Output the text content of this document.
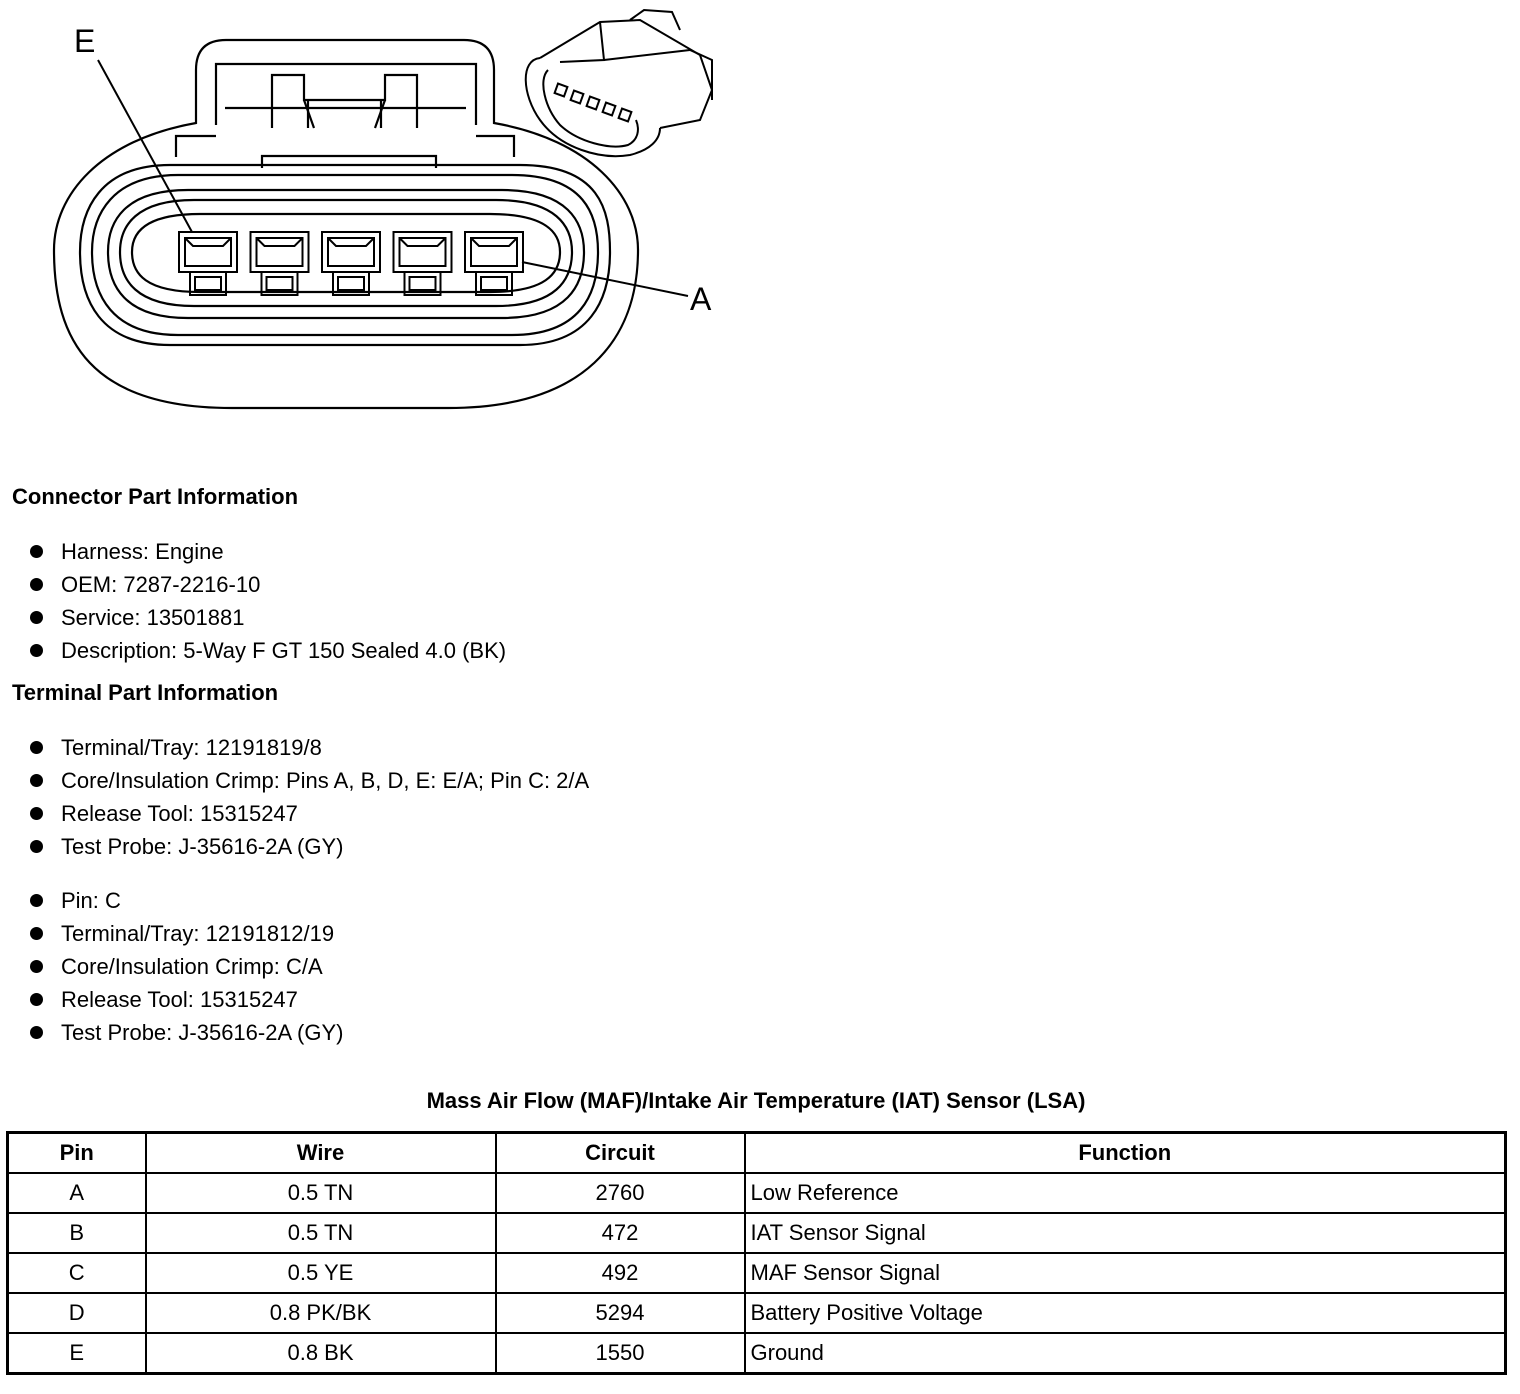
E
A
Connector Part Information
Harness: Engine
OEM: 7287-2216-10
Service: 13501881
Description: 5-Way F GT 150 Sealed 4.0 (BK)
Terminal Part Information
Terminal/Tray: 12191819/8
Core/Insulation Crimp: Pins A, B, D, E: E/A; Pin C: 2/A
Release Tool: 15315247
Test Probe: J-35616-2A (GY)
Pin: C
Terminal/Tray: 12191812/19
Core/Insulation Crimp: C/A
Release Tool: 15315247
Test Probe: J-35616-2A (GY)
Mass Air Flow (MAF)/Intake Air Temperature (IAT) Sensor (LSA)
Pin	Wire	Circuit	Function
A	0.5 TN	2760	Low Reference
B	0.5 TN	472	IAT Sensor Signal
C	0.5 YE	492	MAF Sensor Signal
D	0.8 PK/BK	5294	Battery Positive Voltage
E	0.8 BK	1550	Ground
